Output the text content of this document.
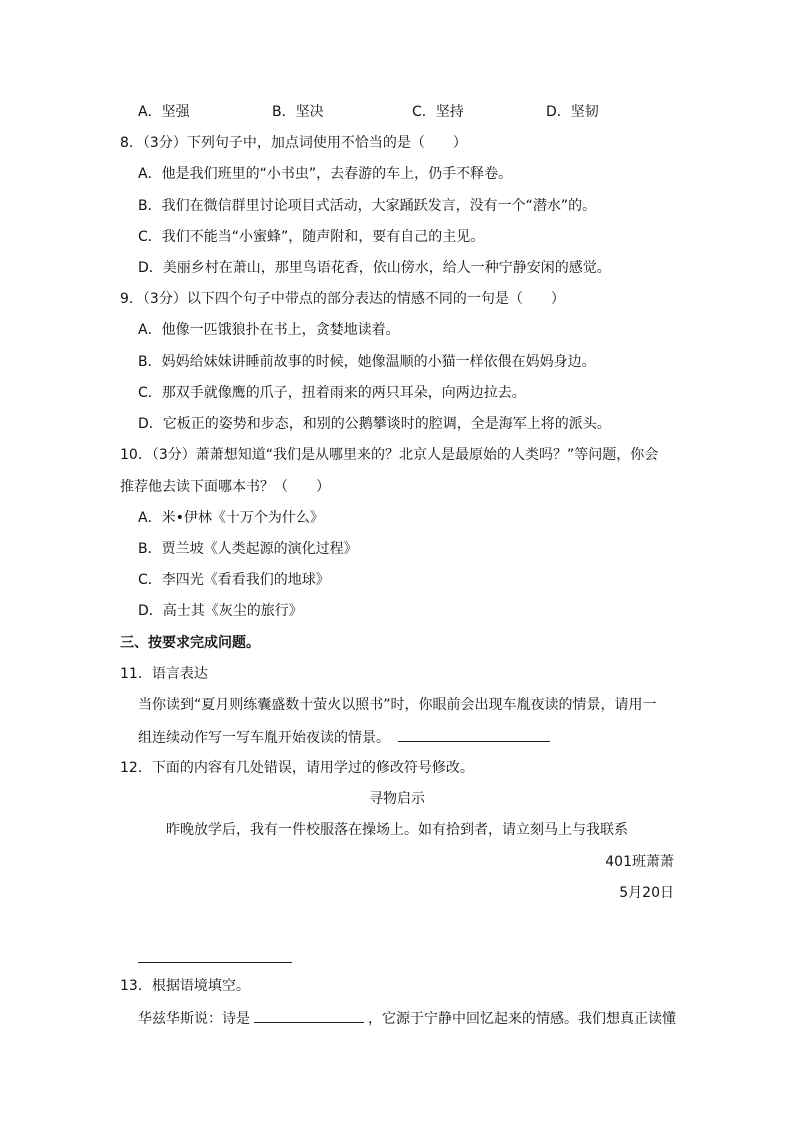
A．坚强	B．坚决	C．坚持	D．坚韧
8．（3分）下列句子中，加点词使用不恰当的是（　　）
A．他是我们班里的“小书虫”，去春游的车上，仍手不释卷。
B．我们在微信群里讨论项目式活动，大家踊跃发言，没有一个“潜水”的。
C．我们不能当“小蜜蜂”，随声附和，要有自己的主见。
D．美丽乡村在萧山，那里鸟语花香，依山傍水，给人一种宁静安闲的感觉。
9．（3分）以下四个句子中带点的部分表达的情感不同的一句是（　　）
A．他像一匹饿狼扑在书上，贪婪地读着。
B．妈妈给妹妹讲睡前故事的时候，她像温顺的小猫一样依偎在妈妈身边。
C．那双手就像鹰的爪子，扭着雨来的两只耳朵，向两边拉去。
D．它板正的姿势和步态，和别的公鹅攀谈时的腔调，全是海军上将的派头。
10．（3分）萧萧想知道“我们是从哪里来的？北京人是最原始的人类吗？”等问题，你会
推荐他去读下面哪本书？（　　）
A．米•伊林《十万个为什么》
B．贾兰坡《人类起源的演化过程》
C．李四光《看看我们的地球》
D．高士其《灰尘的旅行》
三、按要求完成问题。
11．语言表达
当你读到“夏月则练囊盛数十萤火以照书”时，你眼前会出现车胤夜读的情景，请用一
组连续动作写一写车胤开始夜读的情景。
12．下面的内容有几处错误，请用学过的修改符号修改。
寻物启示
昨晚放学后，我有一件校服落在操场上。如有拾到者，请立刻马上与我联系
401班萧萧
5月20日
13．根据语境填空。
华兹华斯说：诗是	，它源于宁静中回忆起来的情感。我们想真正读懂
